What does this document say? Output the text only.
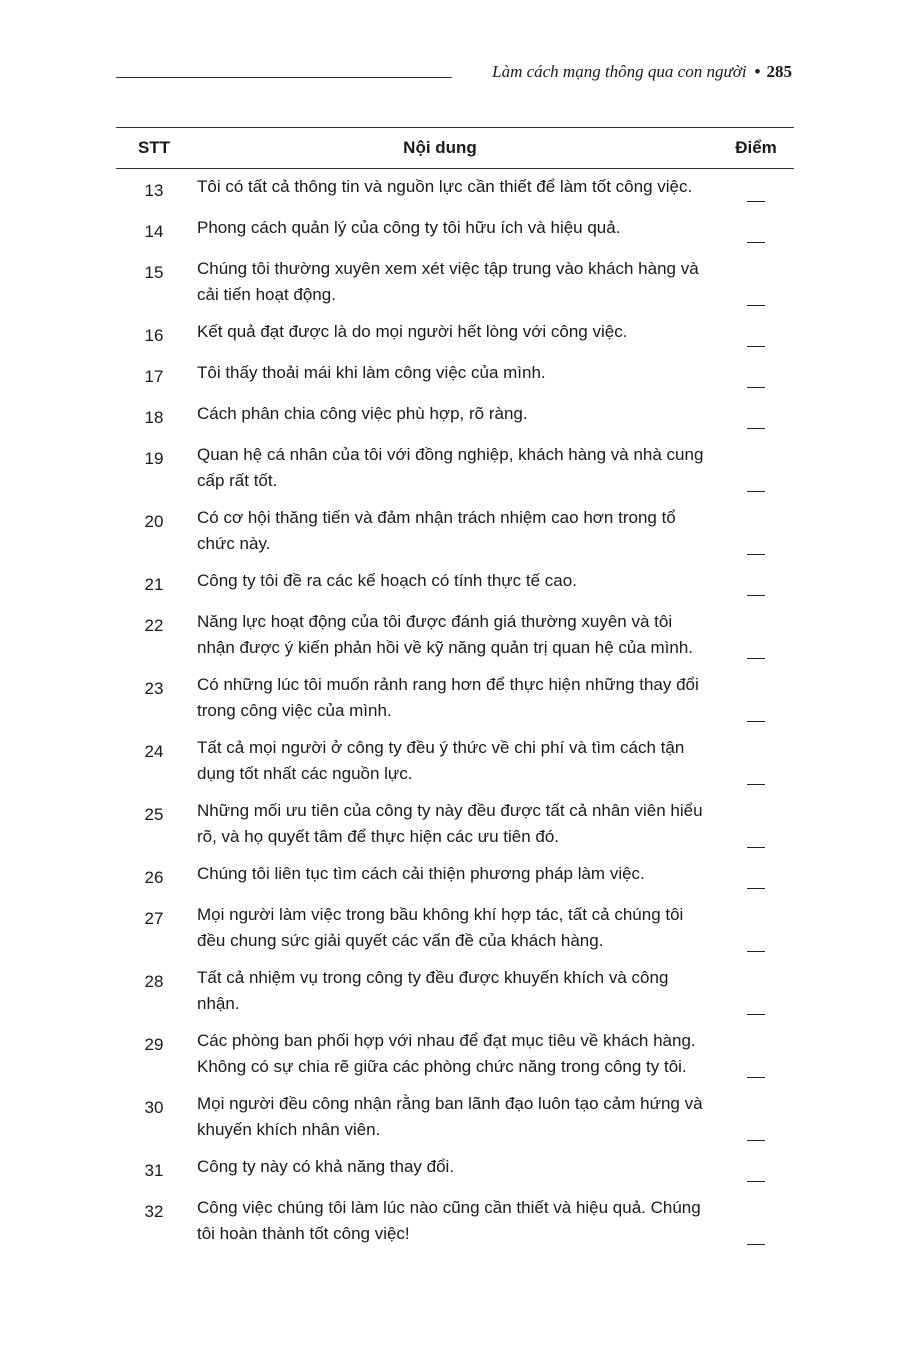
Làm cách mạng thông qua con người • 285
STT	Nội dung	Điểm
13	Tôi có tất cả thông tin và nguồn lực cần thiết để làm tốt công việc.
14	Phong cách quản lý của công ty tôi hữu ích và hiệu quả.
15	Chúng tôi thường xuyên xem xét việc tập trung vào khách hàng và cải tiến hoạt động.
16	Kết quả đạt được là do mọi người hết lòng với công việc.
17	Tôi thấy thoải mái khi làm công việc của mình.
18	Cách phân chia công việc phù hợp, rõ ràng.
19	Quan hệ cá nhân của tôi với đồng nghiệp, khách hàng và nhà cung cấp rất tốt.
20	Có cơ hội thăng tiến và đảm nhận trách nhiệm cao hơn trong tổ chức này.
21	Công ty tôi đề ra các kế hoạch có tính thực tế cao.
22	Năng lực hoạt động của tôi được đánh giá thường xuyên và tôi nhận được ý kiến phản hồi về kỹ năng quản trị quan hệ của mình.
23	Có những lúc tôi muốn rảnh rang hơn để thực hiện những thay đổi trong công việc của mình.
24	Tất cả mọi người ở công ty đều ý thức về chi phí và tìm cách tận dụng tốt nhất các nguồn lực.
25	Những mối ưu tiên của công ty này đều được tất cả nhân viên hiểu rõ, và họ quyết tâm để thực hiện các ưu tiên đó.
26	Chúng tôi liên tục tìm cách cải thiện phương pháp làm việc.
27	Mọi người làm việc trong bầu không khí hợp tác, tất cả chúng tôi đều chung sức giải quyết các vấn đề của khách hàng.
28	Tất cả nhiệm vụ trong công ty đều được khuyến khích và công nhận.
29	Các phòng ban phối hợp với nhau để đạt mục tiêu về khách hàng. Không có sự chia rẽ giữa các phòng chức năng trong công ty tôi.
30	Mọi người đều công nhận rằng ban lãnh đạo luôn tạo cảm hứng và khuyến khích nhân viên.
31	Công ty này có khả năng thay đổi.
32	Công việc chúng tôi làm lúc nào cũng cần thiết và hiệu quả. Chúng tôi hoàn thành tốt công việc!
